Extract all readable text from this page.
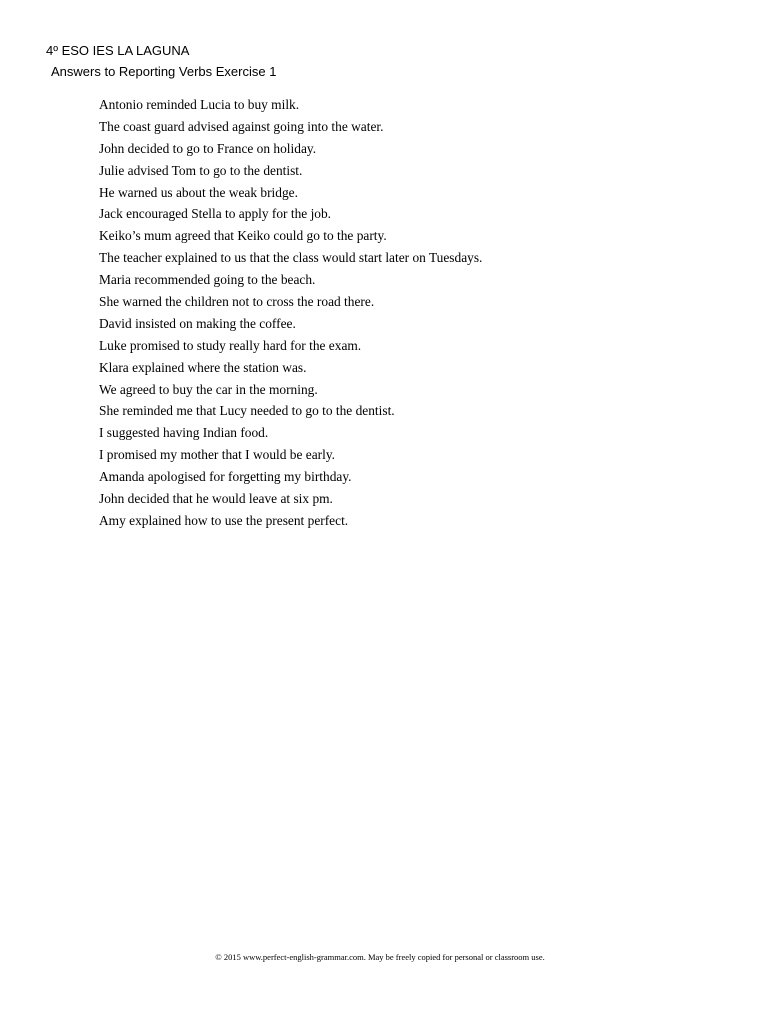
4º ESO IES LA LAGUNA
Answers to Reporting Verbs Exercise 1
Antonio reminded Lucia to buy milk.
The coast guard advised against going into the water.
John decided to go to France on holiday.
Julie advised Tom to go to the dentist.
He warned us about the weak bridge.
Jack encouraged Stella to apply for the job.
Keiko’s mum agreed that Keiko could go to the party.
The teacher explained to us that the class would start later on Tuesdays.
Maria recommended going to the beach.
She warned the children not to cross the road there.
David insisted on making the coffee.
Luke promised to study really hard for the exam.
Klara explained where the station was.
We agreed to buy the car in the morning.
She reminded me that Lucy needed to go to the dentist.
I suggested having Indian food.
I promised my mother that I would be early.
Amanda apologised for forgetting my birthday.
John decided that he would leave at six pm.
Amy explained how to use the present perfect.
© 2015 www.perfect-english-grammar.com. May be freely copied for personal or classroom use.
